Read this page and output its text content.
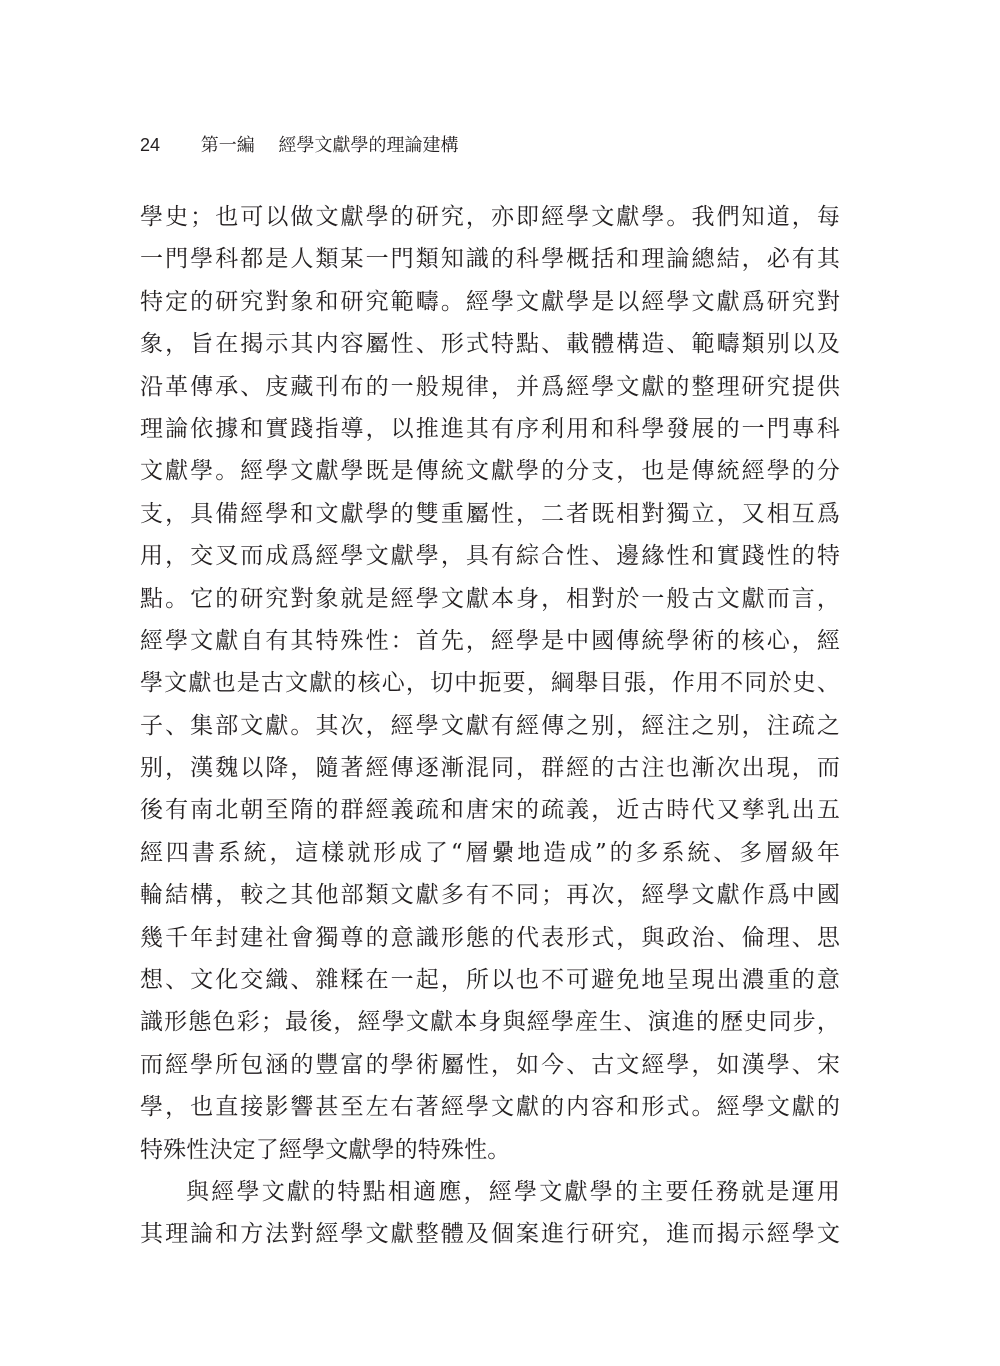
24 第一編 經學文獻學的理論建構
學史；也可以做文獻學的研究，亦即經學文獻學。我們知道，每
一門學科都是人類某一門類知識的科學概括和理論總結，必有其
特定的研究對象和研究範疇。經學文獻學是以經學文獻爲研究對
象，旨在揭示其内容屬性、形式特點、載體構造、範疇類别以及
沿革傳承、庋藏刊布的一般規律，并爲經學文獻的整理研究提供
理論依據和實踐指導，以推進其有序利用和科學發展的一門專科
文獻學。經學文獻學既是傳統文獻學的分支，也是傳統經學的分
支，具備經學和文獻學的雙重屬性，二者既相對獨立，又相互爲
用，交叉而成爲經學文獻學，具有綜合性、邊緣性和實踐性的特
點。它的研究對象就是經學文獻本身，相對於一般古文獻而言，
經學文獻自有其特殊性：首先，經學是中國傳統學術的核心，經
學文獻也是古文獻的核心，切中扼要，綱舉目張，作用不同於史、
子、集部文獻。其次，經學文獻有經傳之别，經注之别，注疏之
别，漢魏以降，隨著經傳逐漸混同，群經的古注也漸次出現，而
後有南北朝至隋的群經義疏和唐宋的疏義，近古時代又孳乳出五
經四書系統，這樣就形成了“層纍地造成”的多系統、多層級年
輪結構，較之其他部類文獻多有不同；再次，經學文獻作爲中國
幾千年封建社會獨尊的意識形態的代表形式，與政治、倫理、思
想、文化交織、雜糅在一起，所以也不可避免地呈現出濃重的意
識形態色彩；最後，經學文獻本身與經學産生、演進的歷史同步，
而經學所包涵的豐富的學術屬性，如今、古文經學，如漢學、宋
學，也直接影響甚至左右著經學文獻的内容和形式。經學文獻的
特殊性決定了經學文獻學的特殊性。
與經學文獻的特點相適應，經學文獻學的主要任務就是運用
其理論和方法對經學文獻整體及個案進行研究，進而揭示經學文
